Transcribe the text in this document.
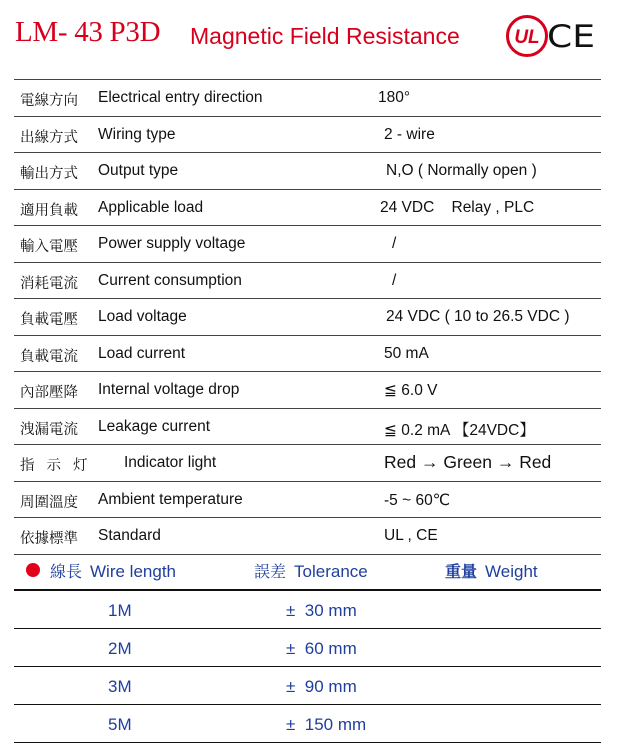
LM- 43 P3D Magnetic Field Resistance	UL CE
電線方向 Electrical entry direction	180°
出線方式 Wiring type	2 - wire
輸出方式 Output type	N,O ( Normally open )
適用負載 Applicable load	24 VDC    Relay , PLC
輸入電壓 Power supply voltage	/
消耗電流 Current consumption	/
負載電壓 Load voltage	24 VDC ( 10 to 26.5 VDC )
負載電流 Load current	50 mA
內部壓降 Internal voltage drop	≦ 6.0 V
洩漏電流 Leakage current	≦ 0.2 mA 【24VDC】
指示灯 Indicator light	Red → Green → Red
周圍溫度 Ambient temperature	-5 ~ 60℃
依據標準 Standard	UL , CE
線長 Wire length	誤差 Tolerance	重量 Weight
1M	±  30 mm
2M	±  60 mm
3M	±  90 mm
5M	±  150 mm
